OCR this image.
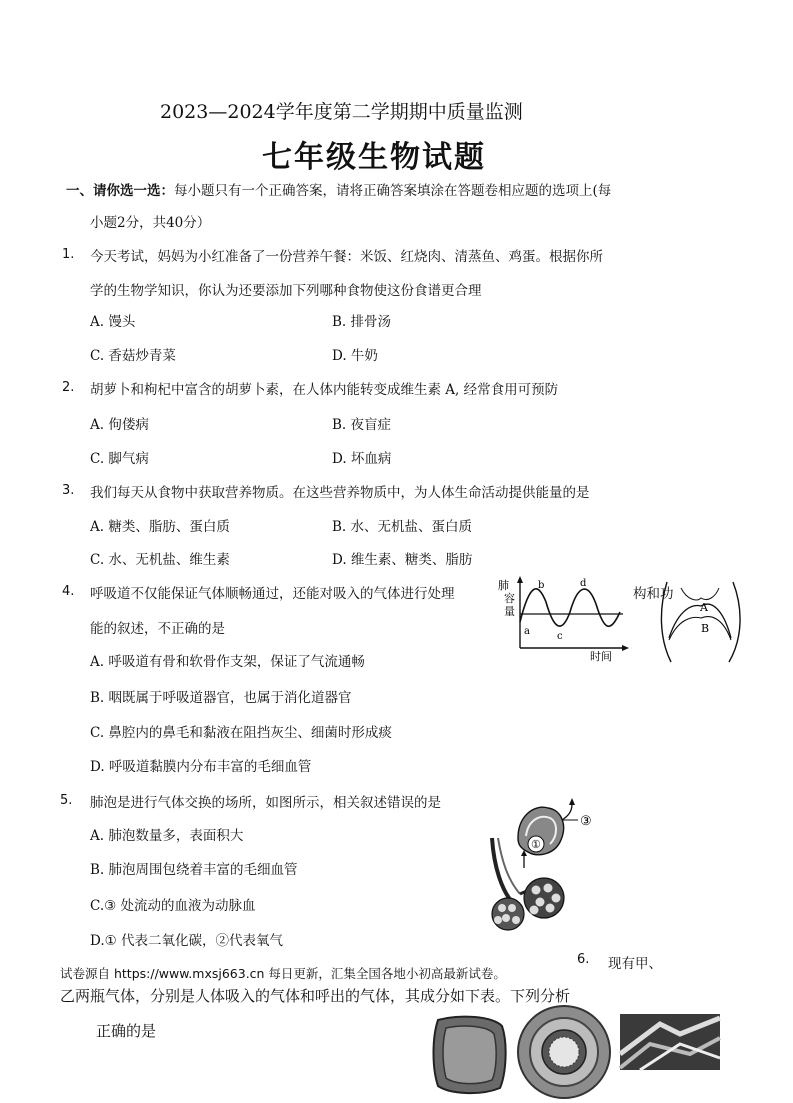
2023—2024学年度第二学期期中质量监测
七年级生物试题
一、请你选一选：每小题只有一个正确答案，请将正确答案填涂在答题卷相应题的选项上(每
小题2分，共40分）
1. 今天考试，妈妈为小红准备了一份营养午餐：米饭、红烧肉、清蒸鱼、鸡蛋。根据你所
学的生物学知识，你认为还要添加下列哪种食物使这份食谱更合理
A. 馒头	B. 排骨汤
C. 香菇炒青菜	D. 牛奶
2. 胡萝卜和枸杞中富含的胡萝卜素，在人体内能转变成维生素 A, 经常食用可预防
A. 佝偻病	B. 夜盲症
C. 脚气病	D. 坏血病
3. 我们每天从食物中获取营养物质。在这些营养物质中，为人体生命活动提供能量的是
A. 糖类、脂肪、蛋白质	B. 水、无机盐、蛋白质
C. 水、无机盐、维生素	D. 维生素、糖类、脂肪
4. 呼吸道不仅能保证气体顺畅通过，还能对吸入的气体进行处理	构和功
能的叙述，不正确的是
A. 呼吸道有骨和软骨作支架，保证了气流通畅
B. 咽既属于呼吸道器官，也属于消化道器官
C. 鼻腔内的鼻毛和黏液在阻挡灰尘、细菌时形成痰
D. 呼吸道黏膜内分布丰富的毛细血管
肺
容
量
a
b
c
d
时间
A
B
5. 肺泡是进行气体交换的场所，如图所示，相关叙述错误的是
A. 肺泡数量多，表面积大
B. 肺泡周围包绕着丰富的毛细血管
C.③ 处流动的血液为动脉血
D.① 代表二氧化碳，②代表氧气
①
③
试卷源自 https://www.mxsj663.cn 每日更新，汇集全国各地小初高最新试卷。
6. 现有甲、
乙两瓶气体，分别是人体吸入的气体和呼出的气体，其成分如下表。下列分析
正确的是
